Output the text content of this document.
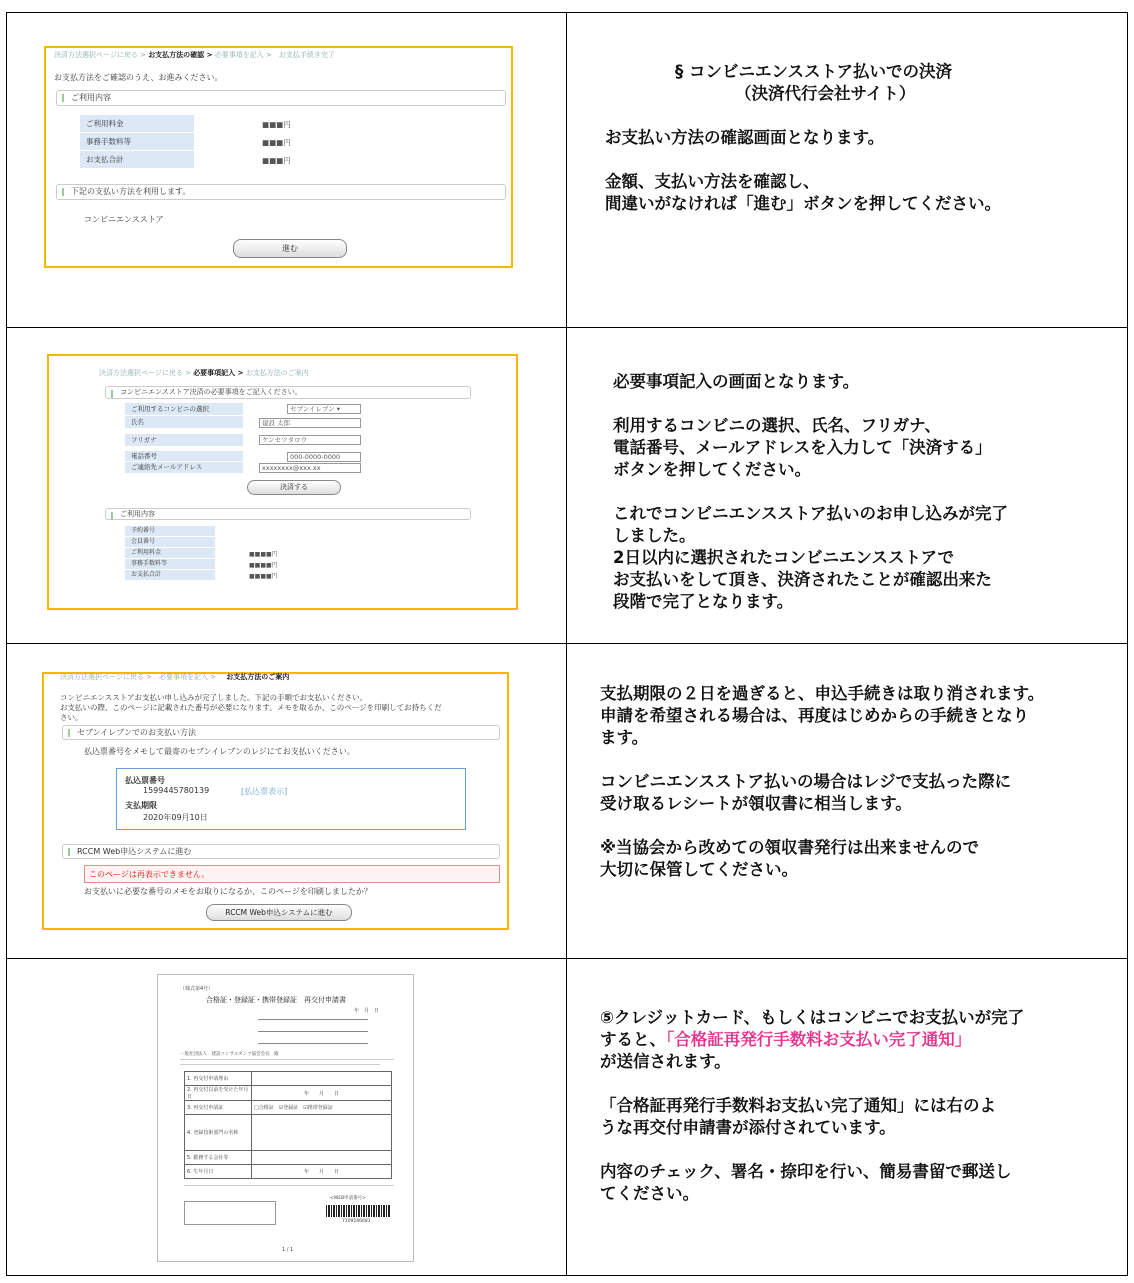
決済方法選択ページに戻る > お支払方法の確認 > 必要事項を記入 >　お支払手続き完了
お支払方法をご確認のうえ、お進みください。
ご利用内容
ご利用料金	■■■円
事務手数料等	■■■円
お支払合計	■■■円
下記の支払い方法を利用します。
コンビニエンスストア
進む

§ コンビニエンスストア払いでの決済

（決済代行会社サイト）

お支払い方法の確認画面となります。

金額、支払い方法を確認し、

間違いがなければ「進む」ボタンを押してください。

決済方法選択ページに戻る > 必要事項記入 > お支払方法のご案内
コンビニエンスストア決済の必要事項をご記入ください。
ご利用するコンビニの選択	セブンイレブン ▾
氏名	建設 太郎
フリガナ	ケンセツタロウ
電話番号	000-0000-0000
ご連絡先メールアドレス	xxxxxxxx@xxx.xx
決済する
ご利用内容
予約番号
会員番号
ご利用料金	■■■■円
事務手数料等	■■■■円
お支払合計	■■■■円

必要事項記入の画面となります。

利用するコンビニの選択、氏名、フリガナ、

電話番号、メールアドレスを入力して「決済する」

ボタンを押してください。

これでコンビニエンスストア払いのお申し込みが完了

しました。

2日以内に選択されたコンビニエンスストアで

お支払いをして頂き、決済されたことが確認出来た

段階で完了となります。

決済方法選択ページに戻る >　必要事項を記入 > お支払方法のご案内
コンビニエンスストアお支払い申し込みが完了しました。下記の手順でお支払いください。
お支払いの際、このページに記載された番号が必要になります。メモを取るか、このページを印刷してお持ちくだ
さい。
セブンイレブンでのお支払い方法
払込票番号をメモして最寄のセブンイレブンのレジにてお支払いください。
払込票番号
1599445780139	[払込票表示]
支払期限
2020年09月10日
RCCM Web申込システムに進む
このページは再表示できません。
お支払いに必要な番号のメモをお取りになるか、このページを印刷しましたか？
RCCM Web申込システムに進む

支払期限の２日を過ぎると、申込手続きは取り消されます。

申請を希望される場合は、再度はじめからの手続きとなり

ます。

コンビニエンスストア払いの場合はレジで支払った際に

受け取るレシートが領収書に相当します。

※当協会から改めての領収書発行は出来ませんので

大切に保管してください。

（様式第4号）
合格証・登録証・携帯登録証　再交付申請書
年　月　日
一般社団法人　建設コンサルタンツ協会会長　殿
1. 再交付申請理由	
2. 再交付以前を受けた年月日	年　　月　　日
3. 再交付申請証	□合格証　☑登録証　☑携帯登録証
4. 登録技術部門の名称	
5. 勤務する会社等	
6. 生年月日	年　　月　　日
<WEB申請番号>
7109166681
1 / 1

⑤クレジットカード、もしくはコンビニでお支払いが完了

すると、「合格証再発行手数料お支払い完了通知」

が送信されます。

「合格証再発行手数料お支払い完了通知」には右のよ

うな再交付申請書が添付されています。

内容のチェック、署名・捺印を行い、簡易書留で郵送し

てください。
